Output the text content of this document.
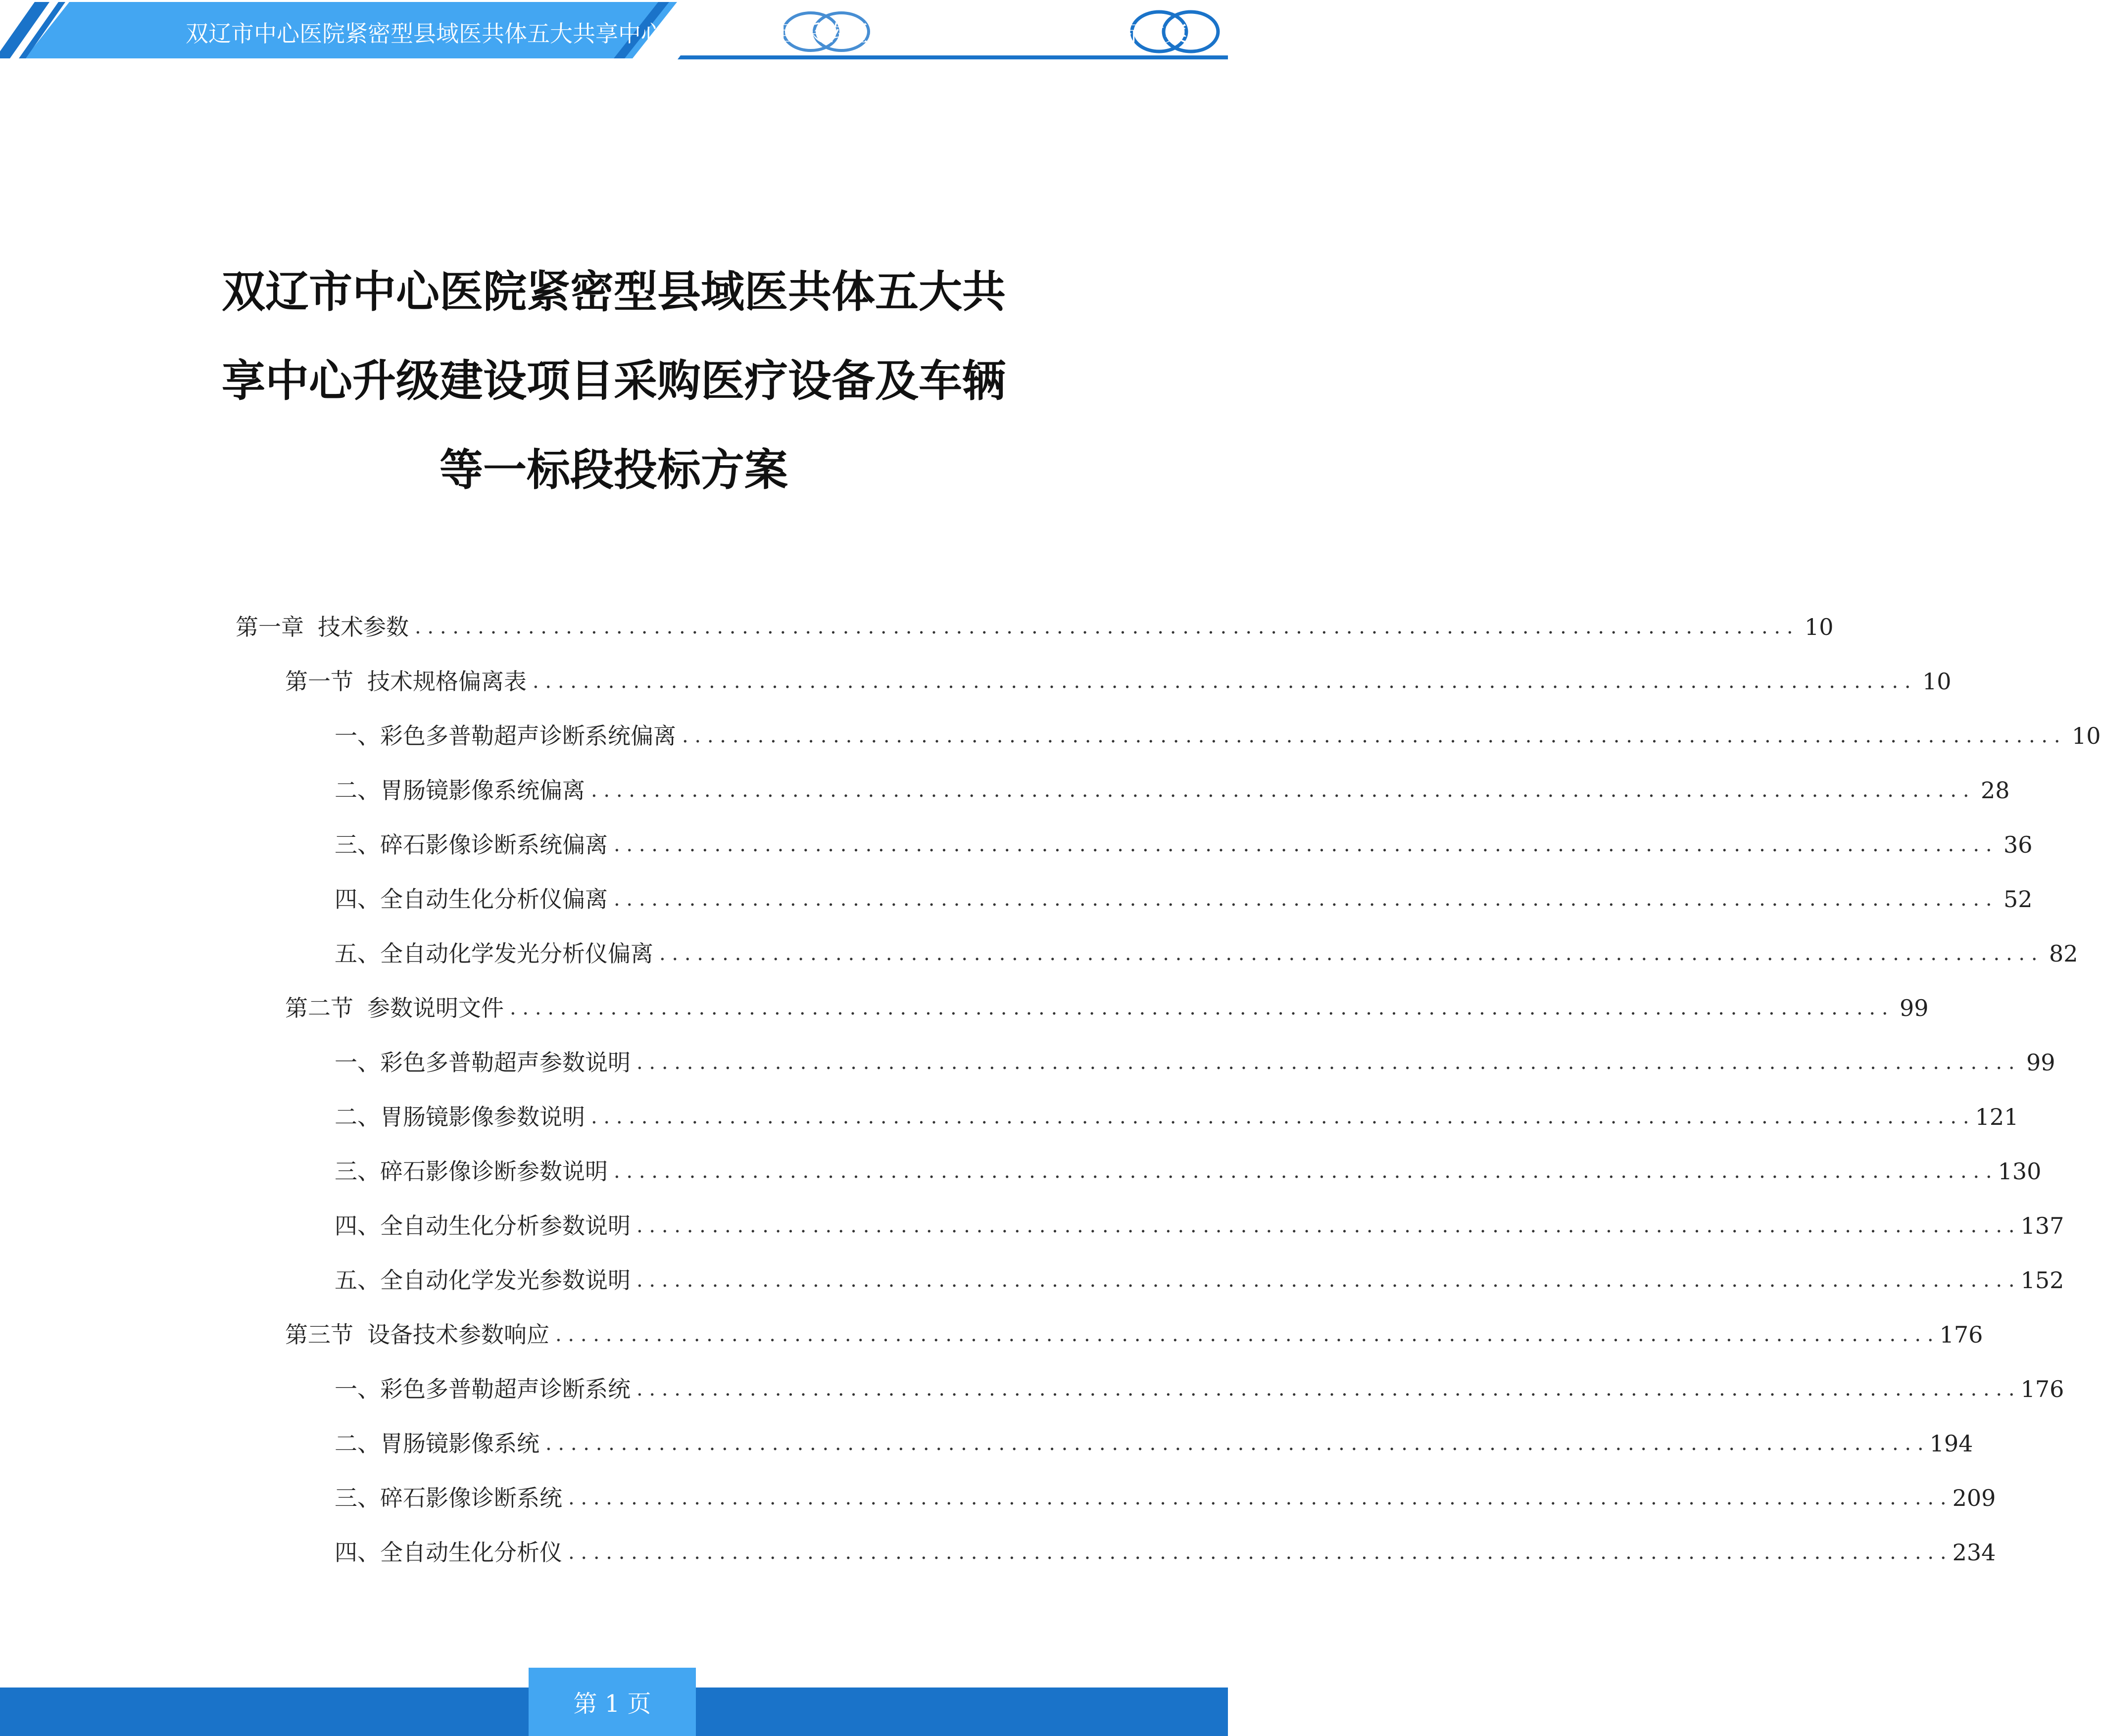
双辽市中心医院紧密型县域医共体五大共享中心升级建设项目采购医疗设备及车辆等一标段投标方案
双辽市中心医院紧密型县域医共体五大共
享中心升级建设项目采购医疗设备及车辆
等一标段投标方案
第一章 技术参数 . . .	10
第一节 技术规格偏离表 . . .	10
一、 彩色多普勒超声诊断系统偏离 . . .	10
二、 胃肠镜影像系统偏离 . . .	28
三、 碎石影像诊断系统偏离 . . .	36
四、 全自动生化分析仪偏离 . . .	52
五、 全自动化学发光分析仪偏离 . . .	82
第二节 参数说明文件 . . .	99
一、 彩色多普勒超声参数说明 . . .	99
二、 胃肠镜影像参数说明 . . .	121
三、 碎石影像诊断参数说明 . . .	130
四、 全自动生化分析参数说明 . . .	137
五、 全自动化学发光参数说明 . . .	152
第三节 设备技术参数响应 . . .	176
一、 彩色多普勒超声诊断系统 . . .	176
二、 胃肠镜影像系统 . . .	194
三、 碎石影像诊断系统 . . .	209
四、 全自动生化分析仪 . . .	234
第 1 页
